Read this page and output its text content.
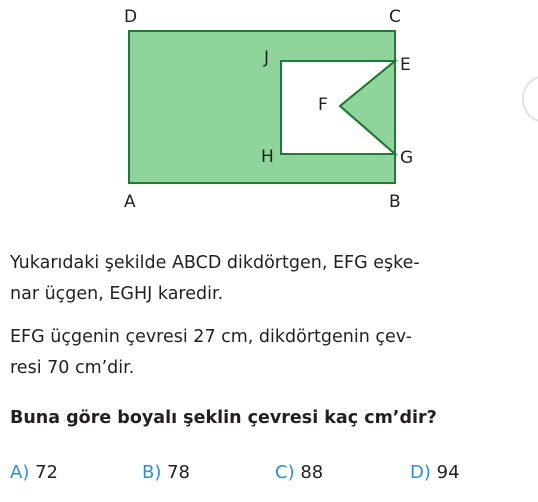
D	C
J	E
F
H	G
A	B
Yukarıdaki şekilde ABCD dikdörtgen, EFG eşke-
nar üçgen, EGHJ karedir.
EFG üçgenin çevresi 27 cm, dikdörtgenin çev-
resi 70 cm’dir.

Buna göre boyalı şeklin çevresi kaç cm’dir?

A) 72	B) 78	C) 88	D) 94
